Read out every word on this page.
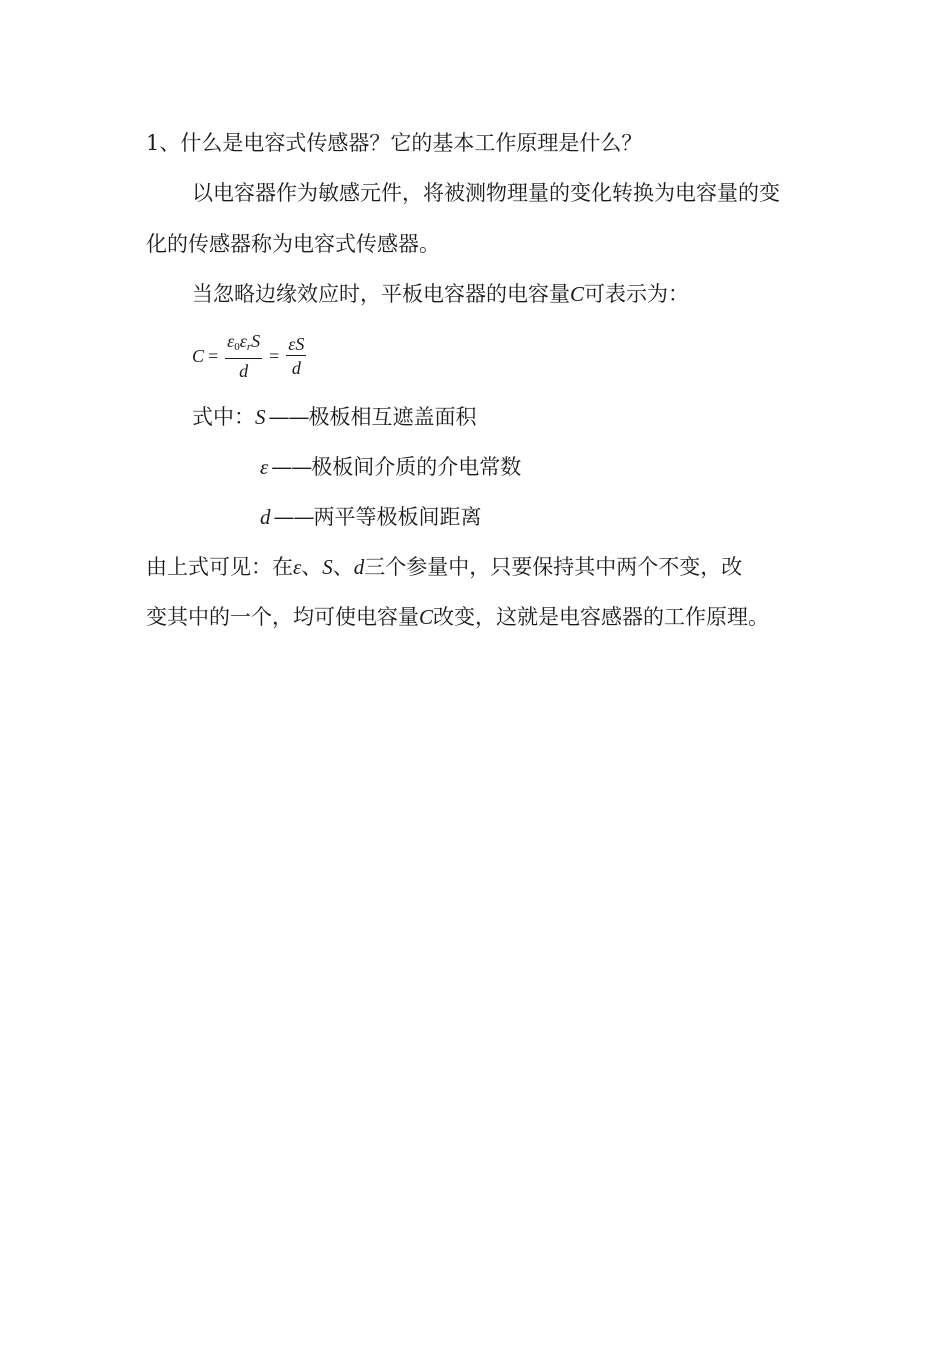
1、什么是电容式传感器？它的基本工作原理是什么？
以电容器作为敏感元件，将被测物理量的变化转换为电容量的变
化的传感器称为电容式传感器。
当忽略边缘效应时，平板电容器的电容量C可表示为：
$C = \frac{\varepsilon_0\varepsilon_rS}{d} = \frac{\varepsilon S}{d}$
式中：S ——极板相互遮盖面积
ε ——极板间介质的介电常数
d ——两平等极板间距离
由上式可见：在ε、S、d三个参量中，只要保持其中两个不变，改
变其中的一个，均可使电容量C改变，这就是电容感器的工作原理。
